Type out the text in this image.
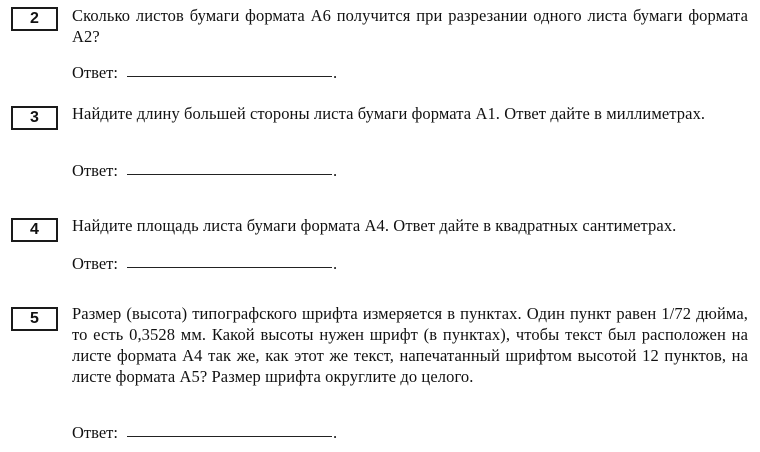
2	Сколько листов бумаги формата А6 получится при разрезании одного листа бумаги формата А2?

Ответ:	.
3	Найдите длину большей стороны листа бумаги формата А1. Ответ дайте в миллиметрах.

Ответ:	.
4	Найдите площадь листа бумаги формата А4. Ответ дайте в квадратных сантиметрах.

Ответ:	.
5	Размер (высота) типографского шрифта измеряется в пунктах. Один пункт равен 1/72 дюйма, то есть 0,3528 мм. Какой высоты нужен шрифт (в пунктах), чтобы текст был расположен на листе формата А4 так же, как этот же текст, напечатанный шрифтом высотой 12 пунктов, на листе формата А5? Размер шрифта округлите до целого.

Ответ:	.
